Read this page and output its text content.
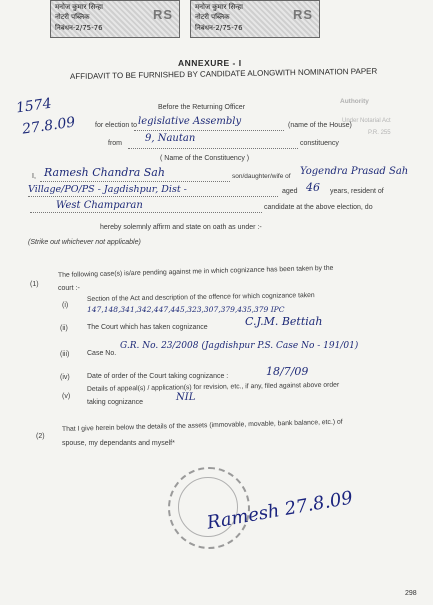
मनोज कुमार सिन्हा
नोटरी पब्लिक
निबंधन-2/75-76
RS	मनोज कुमार सिन्हा
नोटरी पब्लिक
निबंधन-2/75-76
RS
ANNEXURE - I
AFFIDAVIT TO BE FURNISHED BY CANDIDATE ALONGWITH NOMINATION PAPER
1574
27.8.09
Authority
Under Notarial Act
P.R. 255
Before the Returning Officer
for election to legislative Assembly	(name of the House)
from 9, Nautan	constituency
( Name of the Constituency )
I, Ramesh Chandra Sah	son/daughter/wife of Yogendra Prasad Sah
Village/PO/PS - Jagdishpur, Dist -	aged 46 years, resident of
West Champaran	candidate at the above election, do
hereby solemnly affirm and state on oath as under :-
(Strike out whichever not applicable)
(1)
The following case(s) is/are pending against me in which cognizance has been taken by the
court :-
(i)
Section of the Act and description of the offence for which cognizance taken
147,148,341,342,447,445,323,307,379,435,379 IPC
(ii)	The Court which has taken cognizance	C.J.M. Bettiah
(iii)	Case No.
G.R. No. 23/2008 (Jagdishpur P.S. Case No - 191/01)
(iv) Date of order of the Court taking cognizance :	18/7/09
(v)
Details of appeal(s) / application(s) for revision, etc., if any, filed against above order
taking cognizance	NIL
(2)
That I give herein below the details of the assets (immovable, movable, bank balance, etc.) of
spouse, my dependants and myself*
Ramesh 27.8.09
298
